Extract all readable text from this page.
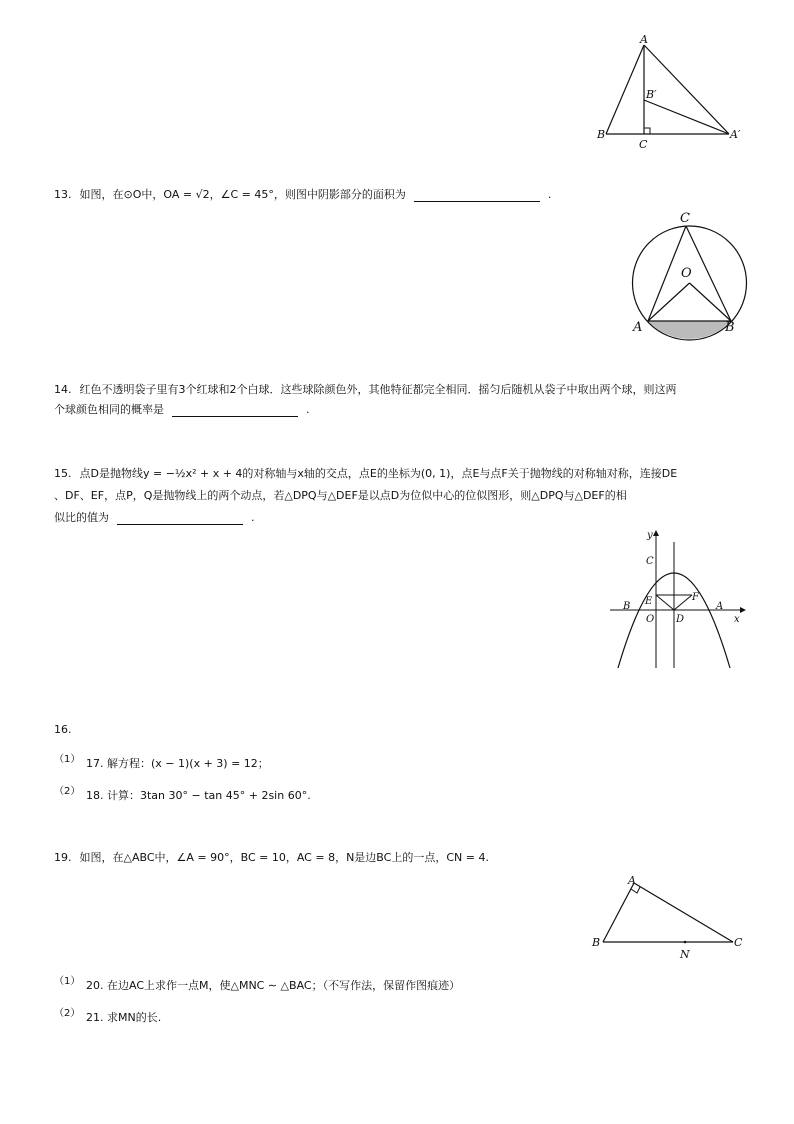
A
B′
B
C
A′
13. 如图，在⊙O中，OA = √2，∠C = 45°，则图中阴影部分的面积为	.
C
O
A	B
14. 红色不透明袋子里有3个红球和2个白球．这些球除颜色外，其他特征都完全相同．摇匀后随机从袋子中取出两个球，则这两
个球颜色相同的概率是	.
15. 点D是抛物线y = −½x² + x + 4的对称轴与x轴的交点，点E的坐标为(0, 1)，点E与点F关于抛物线的对称轴对称，连接DE
、DF、EF，点P，Q是抛物线上的两个动点，若△DPQ与△DEF是以点D为位似中心的位似图形，则△DPQ与△DEF的相
似比的值为	.
y
C
F
E
B	A
O D	x
16.
（1） 17. 解方程：(x − 1)(x + 3) = 12；
（2） 18. 计算：3tan 30° − tan 45° + 2sin 60°.
19. 如图，在△ABC中，∠A = 90°，BC = 10，AC = 8，N是边BC上的一点，CN = 4.
A
B	C
N
（1） 20. 在边AC上求作一点M，使△MNC ∼ △BAC；（不写作法，保留作图痕迹）
（2） 21. 求MN的长.
